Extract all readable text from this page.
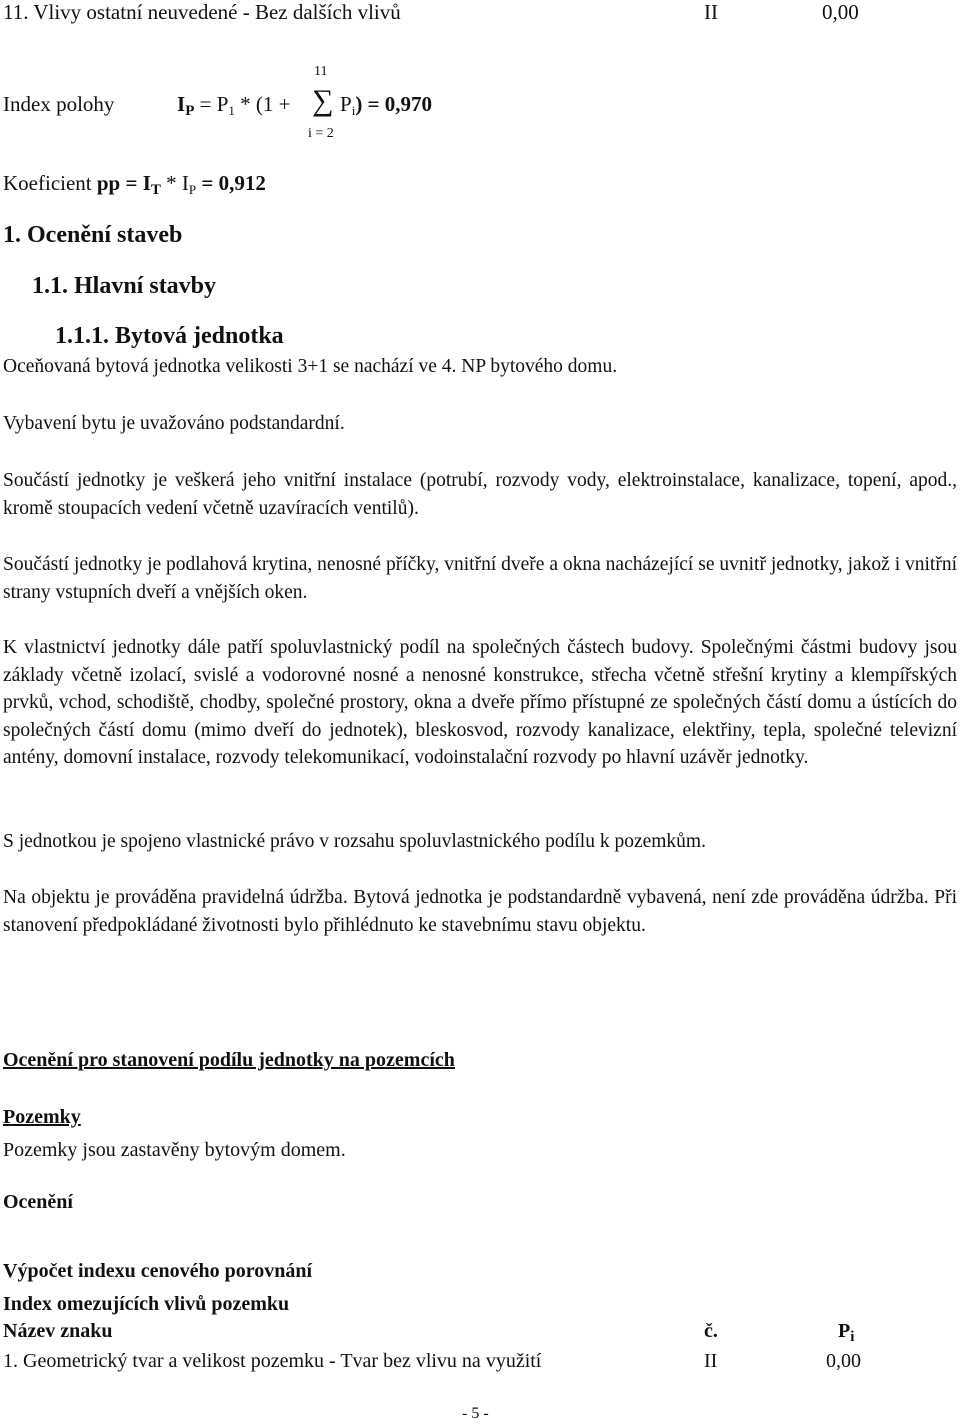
11. Vlivy ostatní neuvedené - Bez dalších vlivů	II	0,00
Index polohy	$I_P = P_1 * (1$ +
11
∑
i = 2
$P_i) = 0,970$
Koeficient pp = $I_T * I_P = 0,912$
1. Ocenění staveb
1.1. Hlavní stavby
1.1.1. Bytová jednotka
Oceňovaná bytová jednotka velikosti 3+1 se nachází ve 4. NP bytového domu.
Vybavení bytu je uvažováno podstandardní.
Součástí jednotky je veškerá jeho vnitřní instalace (potrubí, rozvody vody, elektroinstalace, kanalizace, topení, apod., kromě stoupacích vedení včetně uzavíracích ventilů).
Součástí jednotky je podlahová krytina, nenosné příčky, vnitřní dveře a okna nacházející se uvnitř jednotky, jakož i vnitřní strany vstupních dveří a vnějších oken.
K vlastnictví jednotky dále patří spoluvlastnický podíl na společných částech budovy. Společnými částmi budovy jsou základy včetně izolací, svislé a vodorovné nosné a nenosné konstrukce, střecha včetně střešní krytiny a klempířských prvků, vchod, schodiště, chodby, společné prostory, okna a dveře přímo přístupné ze společných částí domu a ústících do společných částí domu (mimo dveří do jednotek), bleskosvod, rozvody kanalizace, elektřiny, tepla, společné televizní antény, domovní instalace, rozvody telekomunikací, vodoinstalační rozvody po hlavní uzávěr jednotky.
S jednotkou je spojeno vlastnické právo v rozsahu spoluvlastnického podílu k pozemkům.
Na objektu je prováděna pravidelná údržba. Bytová jednotka je podstandardně vybavená, není zde prováděna údržba. Při stanovení předpokládané životnosti bylo přihlédnuto ke stavebnímu stavu objektu.
Ocenění pro stanovení podílu jednotky na pozemcích
Pozemky
Pozemky jsou zastavěny bytovým domem.
Ocenění
Výpočet indexu cenového porovnání
Index omezujících vlivů pozemku
Název znaku	č.	$P_i$
1. Geometrický tvar a velikost pozemku - Tvar bez vlivu na využití	II	0,00
- 5 -
